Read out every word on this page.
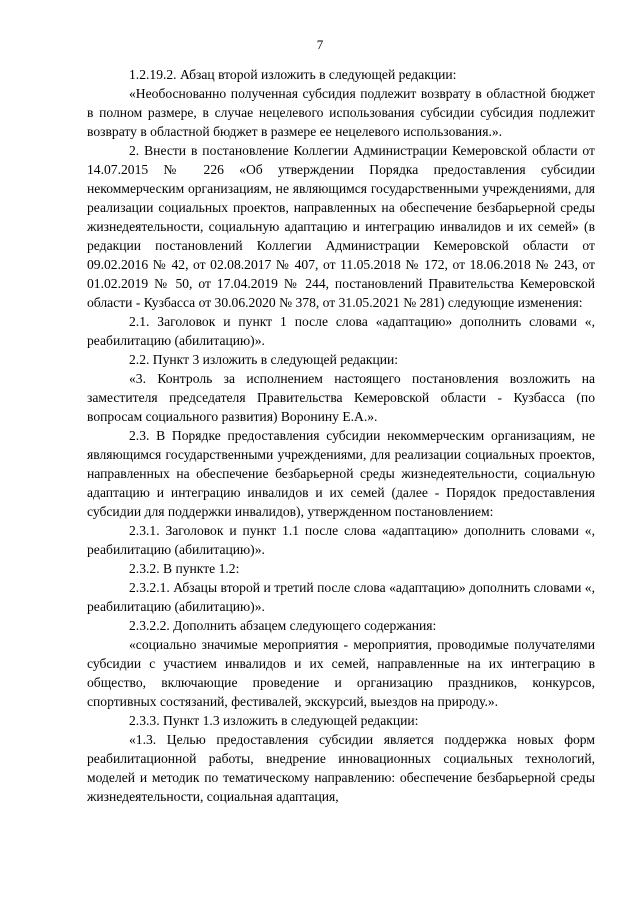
7

1.2.19.2. Абзац второй изложить в следующей редакции:

«Необоснованно полученная субсидия подлежит возврату в областной бюджет в полном размере, в случае нецелевого использования субсидии субсидия подлежит возврату в областной бюджет в размере ее нецелевого использования.».

2. Внести в постановление Коллегии Администрации Кемеровской области от 14.07.2015 № 226 «Об утверждении Порядка предоставления субсидии некоммерческим организациям, не являющимся государственными учреждениями, для реализации социальных проектов, направленных на обеспечение безбарьерной среды жизнедеятельности, социальную адаптацию и интеграцию инвалидов и их семей» (в редакции постановлений Коллегии Администрации Кемеровской области от 09.02.2016 № 42, от 02.08.2017 № 407, от 11.05.2018 № 172, от 18.06.2018 № 243, от 01.02.2019 № 50, от 17.04.2019 № 244, постановлений Правительства Кемеровской области - Кузбасса от 30.06.2020 № 378, от 31.05.2021 № 281) следующие изменения:

2.1. Заголовок и пункт 1 после слова «адаптацию» дополнить словами «, реабилитацию (абилитацию)».

2.2. Пункт 3 изложить в следующей редакции:

«3. Контроль за исполнением настоящего постановления возложить на заместителя председателя Правительства Кемеровской области - Кузбасса (по вопросам социального развития) Воронину Е.А.».

2.3. В Порядке предоставления субсидии некоммерческим организациям, не являющимся государственными учреждениями, для реализации социальных проектов, направленных на обеспечение безбарьерной среды жизнедеятельности, социальную адаптацию и интеграцию инвалидов и их семей (далее - Порядок предоставления субсидии для поддержки инвалидов), утвержденном постановлением:

2.3.1. Заголовок и пункт 1.1 после слова «адаптацию» дополнить словами «, реабилитацию (абилитацию)».

2.3.2. В пункте 1.2:

2.3.2.1. Абзацы второй и третий после слова «адаптацию» дополнить словами «, реабилитацию (абилитацию)».

2.3.2.2. Дополнить абзацем следующего содержания:

«социально значимые мероприятия - мероприятия, проводимые получателями субсидии с участием инвалидов и их семей, направленные на их интеграцию в общество, включающие проведение и организацию праздников, конкурсов, спортивных состязаний, фестивалей, экскурсий, выездов на природу.».

2.3.3. Пункт 1.3 изложить в следующей редакции:

«1.3. Целью предоставления субсидии является поддержка новых форм реабилитационной работы, внедрение инновационных социальных технологий, моделей и методик по тематическому направлению: обеспечение безбарьерной среды жизнедеятельности, социальная адаптация,
